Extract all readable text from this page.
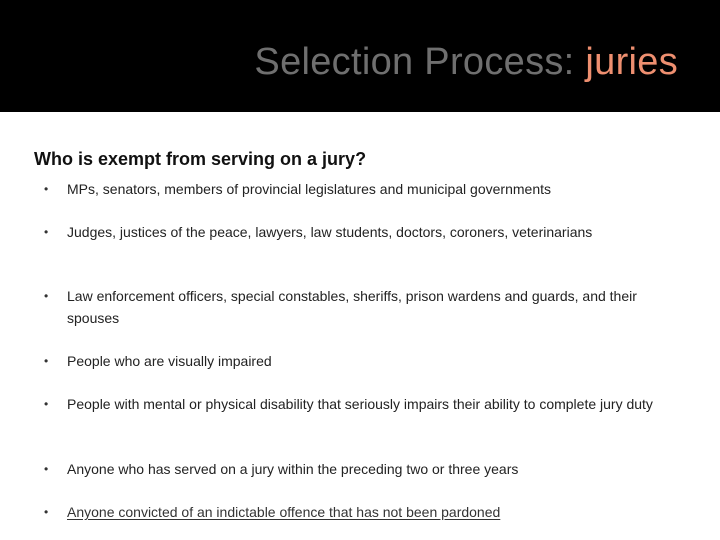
Selection Process: juries
Who is exempt from serving on a jury?
•	MPs, senators, members of provincial legislatures and municipal governments
•	Judges, justices of the peace, lawyers, law students, doctors, coroners, veterinarians
•	Law enforcement officers, special constables, sheriffs, prison wardens and guards, and their spouses
•	People who are visually impaired
•	People with mental or physical disability that seriously impairs their ability to complete jury duty
•	Anyone who has served on a jury within the preceding two or three years
•	Anyone convicted of an indictable offence that has not been pardoned
